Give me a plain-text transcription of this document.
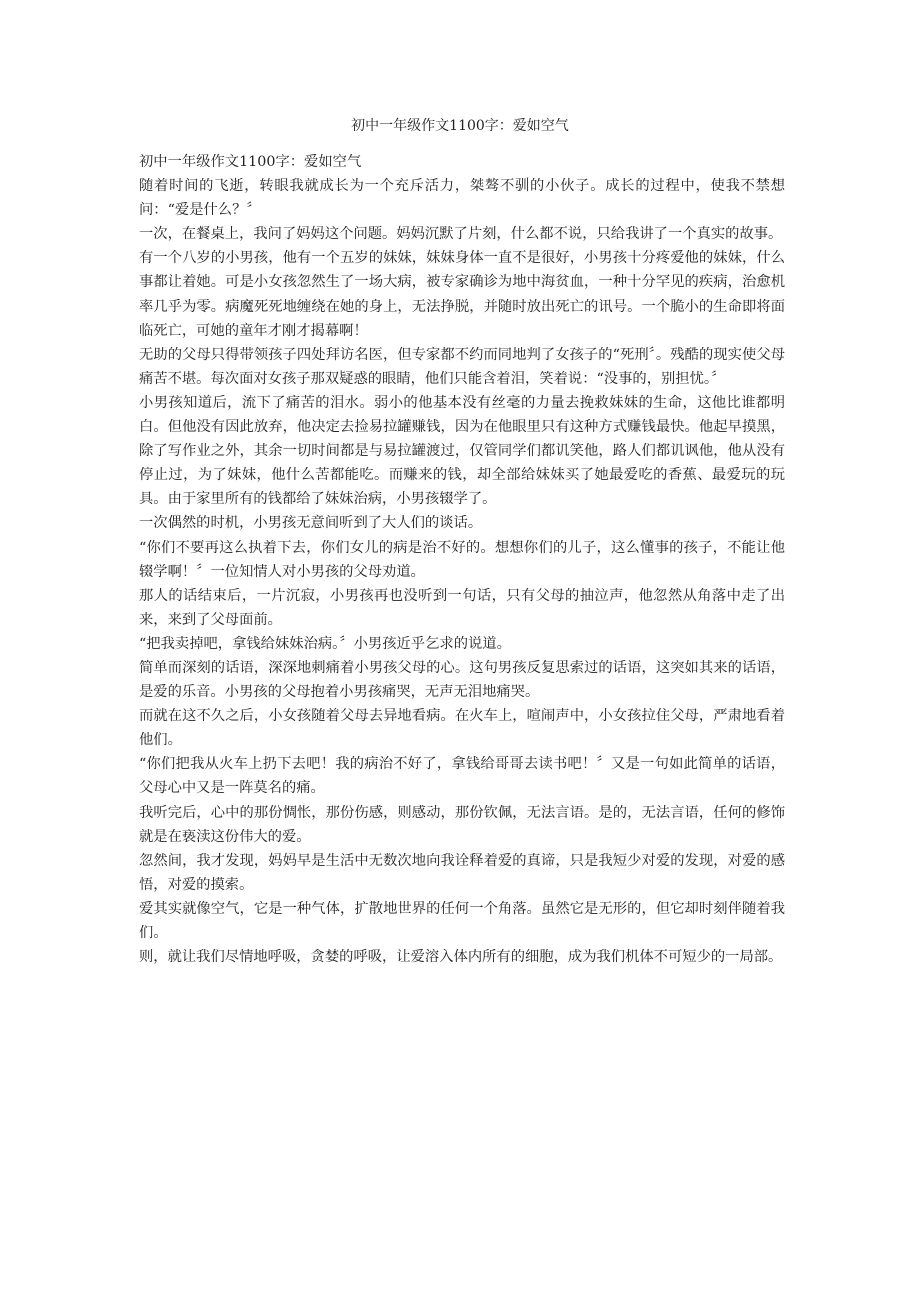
初中一年级作文1100字：爱如空气

初中一年级作文1100字：爱如空气

随着时间的飞逝，转眼我就成长为一个充斥活力，桀骜不驯的小伙子。成长的过程中，使我不禁想问：“爱是什么？〞

一次，在餐桌上，我问了妈妈这个问题。妈妈沉默了片刻，什么都不说，只给我讲了一个真实的故事。

有一个八岁的小男孩，他有一个五岁的妹妹，妹妹身体一直不是很好，小男孩十分疼爱他的妹妹，什么事都让着她。可是小女孩忽然生了一场大病，被专家确诊为地中海贫血，一种十分罕见的疾病，治愈机率几乎为零。病魔死死地缠绕在她的身上，无法挣脱，并随时放出死亡的讯号。一个脆小的生命即将面临死亡，可她的童年才刚才揭幕啊！

无助的父母只得带领孩子四处拜访名医，但专家都不约而同地判了女孩子的“死刑〞。残酷的现实使父母痛苦不堪。每次面对女孩子那双疑惑的眼睛，他们只能含着泪，笑着说：“没事的，别担忧。〞

小男孩知道后，流下了痛苦的泪水。弱小的他基本没有丝毫的力量去挽救妹妹的生命，这他比谁都明白。但他没有因此放弃，他决定去捡易拉罐赚钱，因为在他眼里只有这种方式赚钱最快。他起早摸黑，除了写作业之外，其余一切时间都是与易拉罐渡过，仅管同学们都讥笑他，路人们都讥讽他，他从没有停止过，为了妹妹，他什么苦都能吃。而赚来的钱，却全部给妹妹买了她最爱吃的香蕉、最爱玩的玩具。由于家里所有的钱都给了妹妹治病，小男孩辍学了。

一次偶然的时机，小男孩无意间听到了大人们的谈话。

“你们不要再这么执着下去，你们女儿的病是治不好的。想想你们的儿子，这么懂事的孩子，不能让他辍学啊！〞一位知情人对小男孩的父母劝道。

那人的话结束后，一片沉寂，小男孩再也没听到一句话，只有父母的抽泣声，他忽然从角落中走了出来，来到了父母面前。

“把我卖掉吧，拿钱给妹妹治病。〞小男孩近乎乞求的说道。

简单而深刻的话语，深深地刺痛着小男孩父母的心。这句男孩反复思索过的话语，这突如其来的话语，是爱的乐音。小男孩的父母抱着小男孩痛哭，无声无泪地痛哭。

而就在这不久之后，小女孩随着父母去异地看病。在火车上，喧闹声中，小女孩拉住父母，严肃地看着他们。

“你们把我从火车上扔下去吧！我的病治不好了，拿钱给哥哥去读书吧！〞又是一句如此简单的话语，父母心中又是一阵莫名的痛。

我听完后，心中的那份惆怅，那份伤感，则感动，那份钦佩，无法言语。是的，无法言语，任何的修饰就是在亵渎这份伟大的爱。

忽然间，我才发现，妈妈早是生活中无数次地向我诠释着爱的真谛，只是我短少对爱的发现，对爱的感悟，对爱的摸索。

爱其实就像空气，它是一种气体，扩散地世界的任何一个角落。虽然它是无形的，但它却时刻伴随着我们。

则，就让我们尽情地呼吸，贪婪的呼吸，让爱溶入体内所有的细胞，成为我们机体不可短少的一局部。
